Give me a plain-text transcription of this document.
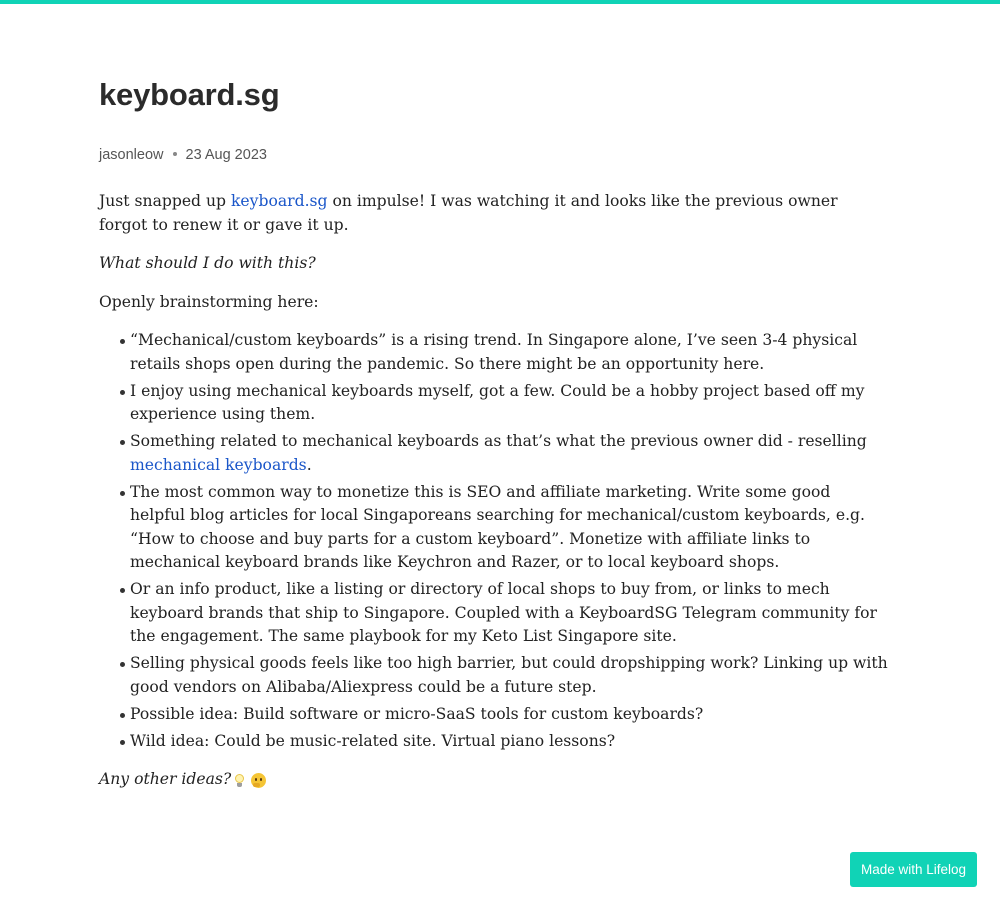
keyboard.sg
jasonleow 23 Aug 2023

Just snapped up keyboard.sg on impulse! I was watching it and looks like the previous owner forgot to renew it or gave it up.

What should I do with this?

Openly brainstorming here:

“Mechanical/custom keyboards” is a rising trend. In Singapore alone, I’ve seen 3-4 physical retails shops open during the pandemic. So there might be an opportunity here.
I enjoy using mechanical keyboards myself, got a few. Could be a hobby project based off my experience using them.
Something related to mechanical keyboards as that’s what the previous owner did - reselling mechanical keyboards.
The most common way to monetize this is SEO and affiliate marketing. Write some good helpful blog articles for local Singaporeans searching for mechanical/custom keyboards, e.g. “How to choose and buy parts for a custom keyboard”. Monetize with affiliate links to mechanical keyboard brands like Keychron and Razer, or to local keyboard shops.
Or an info product, like a listing or directory of local shops to buy from, or links to mech keyboard brands that ship to Singapore. Coupled with a KeyboardSG Telegram community for the engagement. The same playbook for my Keto List Singapore site.
Selling physical goods feels like too high barrier, but could dropshipping work? Linking up with good vendors on Alibaba/Aliexpress could be a future step.
Possible idea: Build software or micro-SaaS tools for custom keyboards?
Wild idea: Could be music-related site. Virtual piano lessons?

Any other ideas?

Made with Lifelog
